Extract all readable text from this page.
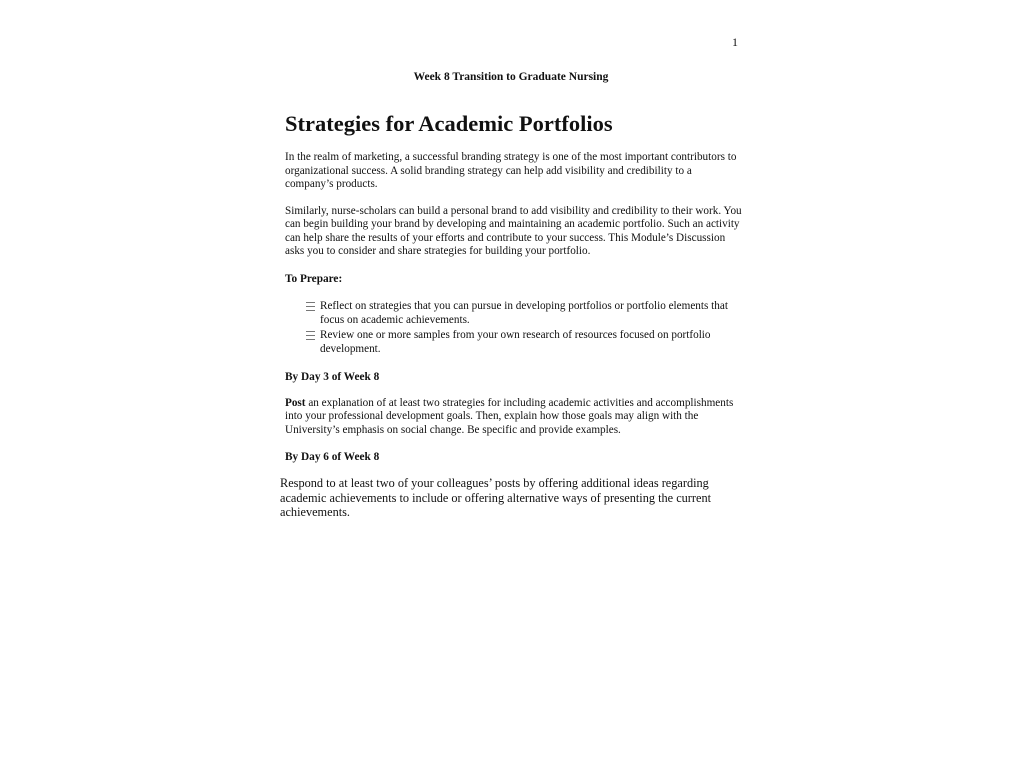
1
Week 8 Transition to Graduate Nursing
Strategies for Academic Portfolios

In the realm of marketing, a successful branding strategy is one of the most important contributors to organizational success. A solid branding strategy can help add visibility and credibility to a company’s products.

Similarly, nurse-scholars can build a personal brand to add visibility and credibility to their work. You can begin building your brand by developing and maintaining an academic portfolio. Such an activity can help share the results of your efforts and contribute to your success. This Module’s Discussion asks you to consider and share strategies for building your portfolio.

To Prepare:
Reflect on strategies that you can pursue in developing portfolios or portfolio elements that focus on academic achievements.
Review one or more samples from your own research of resources focused on portfolio development.
By Day 3 of Week 8

Post an explanation of at least two strategies for including academic activities and accomplishments into your professional development goals. Then, explain how those goals may align with the University’s emphasis on social change. Be specific and provide examples.

By Day 6 of Week 8

Respond to at least two of your colleagues’ posts by offering additional ideas regarding academic achievements to include or offering alternative ways of presenting the current achievements.
